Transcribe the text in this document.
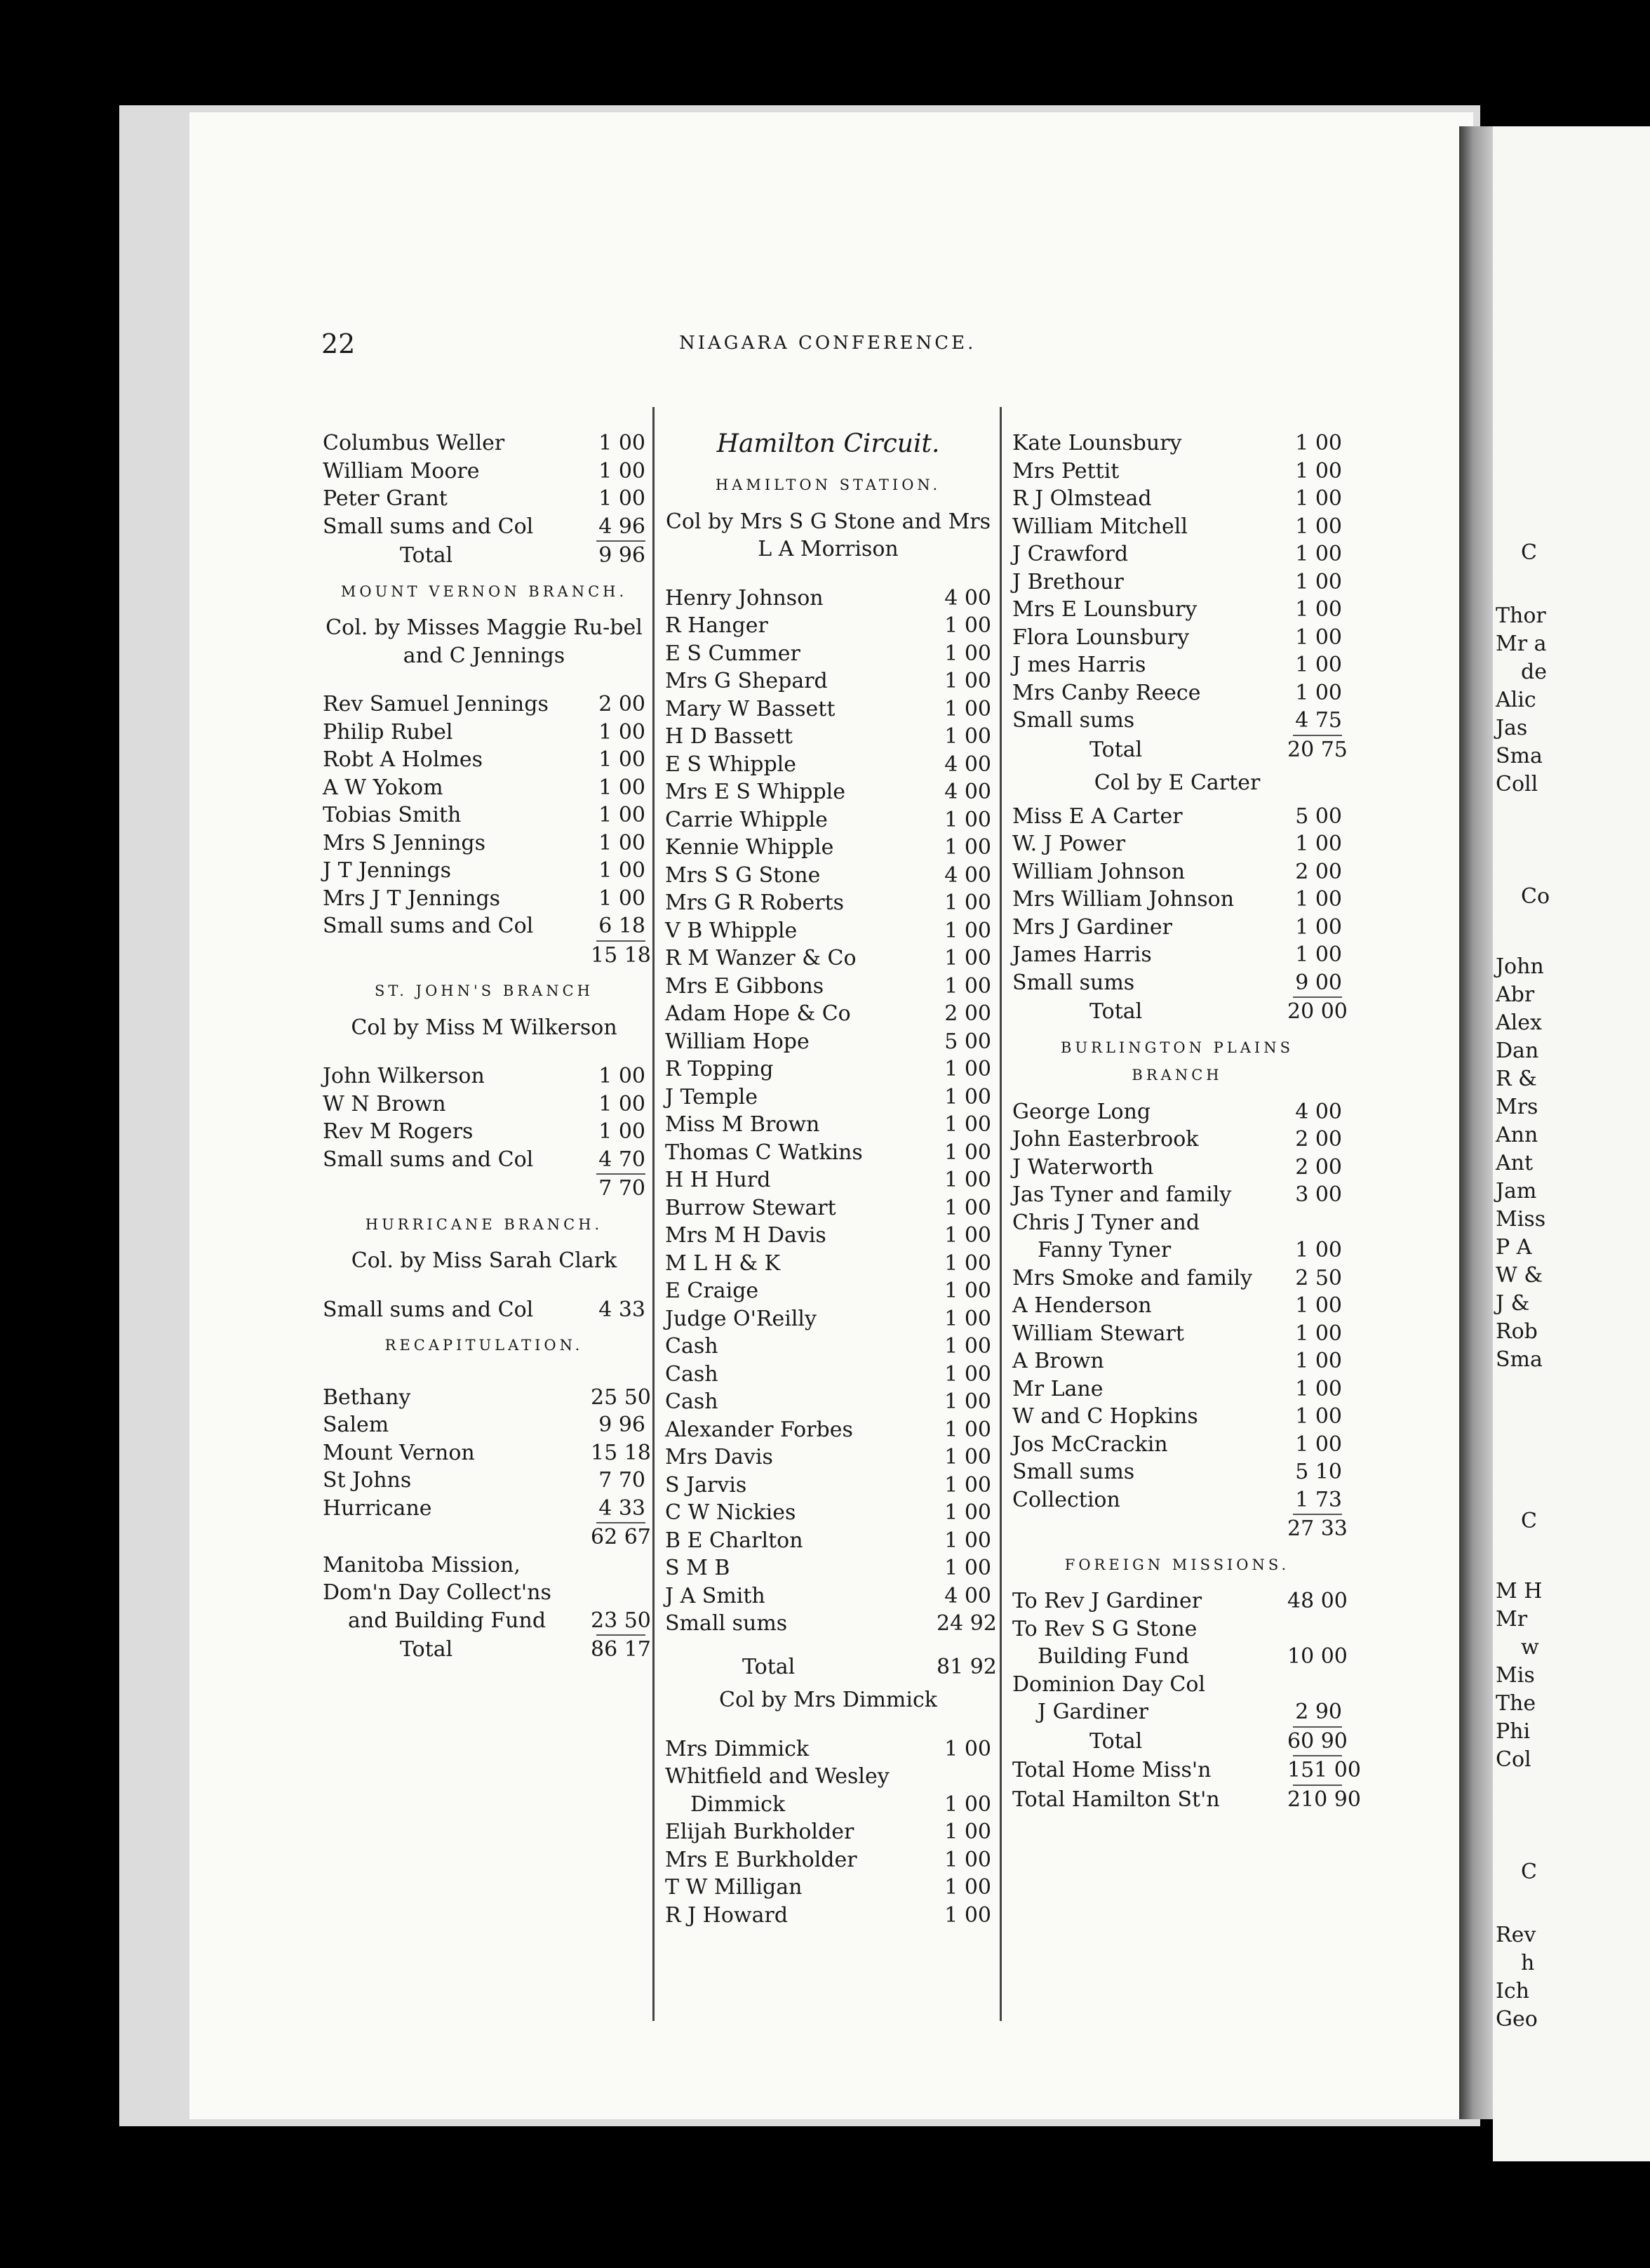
C
Thor
Mr a
de
Alic
Jas
Sma
Coll
Co
John
Abr
Alex
Dan
R &
Mrs
Ann
Ant
Jam
Miss
P A
W &
J &
Rob
Sma
C
M H
Mr
w
Mis
The
Phi
Col
C
Rev
h
Ich
Geo
22	NIAGARA CONFERENCE.
Columbus Weller	1 00
William Moore	1 00
Peter Grant	1 00
Small sums and Col	4 96
Total	9 96
MOUNT VERNON BRANCH.
Col. by Misses Maggie Ru-bel and C Jennings
Rev Samuel Jennings	2 00
Philip Rubel	1 00
Robt A Holmes	1 00
A W Yokom	1 00
Tobias Smith	1 00
Mrs S Jennings	1 00
J T Jennings	1 00
Mrs J T Jennings	1 00
Small sums and Col	6 18
15 18
ST. JOHN'S BRANCH
Col by Miss M Wilkerson
John Wilkerson	1 00
W N Brown	1 00
Rev M Rogers	1 00
Small sums and Col	4 70
7 70
HURRICANE BRANCH.
Col. by Miss Sarah Clark
Small sums and Col	4 33
RECAPITULATION.
Bethany	25 50
Salem	9 96
Mount Vernon	15 18
St Johns	7 70
Hurricane	4 33
62 67
Manitoba Mission,
Dom'n Day Collect'ns
and Building Fund	23 50
Total	86 17
Hamilton Circuit.
HAMILTON STATION.
Col by Mrs S G Stone and Mrs L A Morrison
Henry Johnson	4 00
R Hanger	1 00
E S Cummer	1 00
Mrs G Shepard	1 00
Mary W Bassett	1 00
H D Bassett	1 00
E S Whipple	4 00
Mrs E S Whipple	4 00
Carrie Whipple	1 00
Kennie Whipple	1 00
Mrs S G Stone	4 00
Mrs G R Roberts	1 00
V B Whipple	1 00
R M Wanzer & Co	1 00
Mrs E Gibbons	1 00
Adam Hope & Co	2 00
William Hope	5 00
R Topping	1 00
J Temple	1 00
Miss M Brown	1 00
Thomas C Watkins	1 00
H H Hurd	1 00
Burrow Stewart	1 00
Mrs M H Davis	1 00
M L H & K	1 00
E Craige	1 00
Judge O'Reilly	1 00
Cash	1 00
Cash	1 00
Cash	1 00
Alexander Forbes	1 00
Mrs Davis	1 00
S Jarvis	1 00
C W Nickies	1 00
B E Charlton	1 00
S M B	1 00
J A Smith	4 00
Small sums	24 92
Total	81 92
Col by Mrs Dimmick
Mrs Dimmick	1 00
Whitfield and Wesley
Dimmick	1 00
Elijah Burkholder	1 00
Mrs E Burkholder	1 00
T W Milligan	1 00
R J Howard	1 00
Kate Lounsbury	1 00
Mrs Pettit	1 00
R J Olmstead	1 00
William Mitchell	1 00
J Crawford	1 00
J Brethour	1 00
Mrs E Lounsbury	1 00
Flora Lounsbury	1 00
J mes Harris	1 00
Mrs Canby Reece	1 00
Small sums	4 75
Total	20 75
Col by E Carter
Miss E A Carter	5 00
W. J Power	1 00
William Johnson	2 00
Mrs William Johnson	1 00
Mrs J Gardiner	1 00
James Harris	1 00
Small sums	9 00
Total	20 00
BURLINGTON PLAINS BRANCH
George Long	4 00
John Easterbrook	2 00
J Waterworth	2 00
Jas Tyner and family	3 00
Chris J Tyner and
Fanny Tyner	1 00
Mrs Smoke and family	2 50
A Henderson	1 00
William Stewart	1 00
A Brown	1 00
Mr Lane	1 00
W and C Hopkins	1 00
Jos McCrackin	1 00
Small sums	5 10
Collection	1 73
27 33
FOREIGN MISSIONS.
To Rev J Gardiner	48 00
To Rev S G Stone
Building Fund	10 00
Dominion Day Col
J Gardiner	2 90
Total	60 90
Total Home Miss'n	151 00
Total Hamilton St'n	210 90
